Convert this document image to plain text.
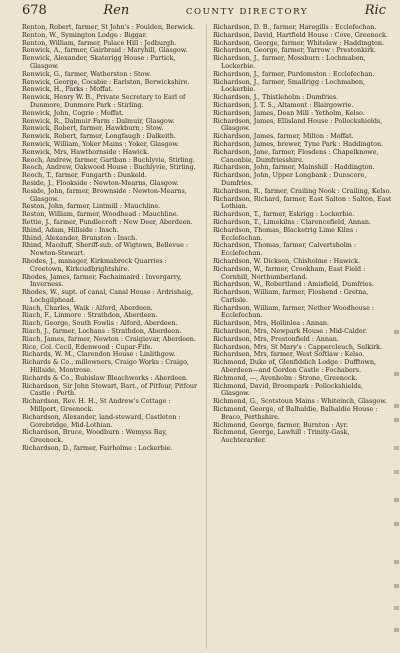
678	Ren	COUNTY DIRECTORY	Ric

Renton, Robert, farmer, St John's : Foulden, Berwick.

Renton, W., Symington Lodge : Biggar.

Renton, William, farmer, Palace Hill : Jedburgh.

Renwick, A., farmer, Gairbraid : Maryhill, Glasgow.

Renwick, Alexander, Skaterigg House : Partick, Glasgow.

Renwick, G., farmer, Watherston : Stow.

Renwick, George, Cocsbie : Earlston, Berwickshire.

Renwick, H., Parks : Moffat.

Renwick, Henry W. B., Private Secretary to Earl of Dunmore, Dunmore Park : Stirling.

Renwick, John, Cogrie : Moffat.

Renwick, R., Dalmuir Farm : Dalmuir, Glasgow.

Renwick, Robert, farmer, Hawkburn : Stow.

Renwick, Robert, farmer, Longfaugh : Dalkeith.

Renwick, William, Yoker Mains : Yoker, Glasgow.

Renwick, Mrs, Hawthornside : Hawick.

Reoch, Andrew, farmer, Gartban : Buchlyvie, Stirling.

Reoch, Andrew, Oakwood House : Buchlyvie, Stirling.

Reoch, T., farmer, Fungarth : Dunkeld.

Reside, J., Flookside : Newton-Mearns, Glasgow.

Reside, John, farmer, Brownside : Newton-Mearns, Glasgow.

Reston, John, farmer, Lintmill : Mauchline.

Reston, William, farmer, Woodhead : Mauchline.

Rettie, J., farmer, Pundlecroft : New Deer, Aberdeen.

Rhind, Adam, Hillside : Insch.

Rhind, Alexander, Brunston : Insch.

Rhind, Macduff, Sheriff-sub. of Wigtown, Bellevue : Newton-Stewart.

Rhodes, J., manager, Kirkmabreck Quarries : Creetown, Kirkcudbrightshire.

Rhodes, James, farmer, Fachaimaird : Invergarry, Inverness.

Rhodes, W., supt. of canal, Canal House : Ardrishaig, Lochgilphead.

Riach, Charles, Waik : Alford, Aberdeen.

Riach, F., Linmore : Strathdon, Aberdeen.

Riach, George, South Fowlis : Alford, Aberdeen.

Riach, J., farmer, Lochans : Strathdon, Aberdeen.

Riach, James, farmer, Newton : Craigievar, Aberdeen.

Rice, Col. Cecil, Edenwood : Cupar-Fife.

Richards, W. M., Clarendon House : Linlithgow.

Richards & Co., millowners, Craigo Works : Craigo, Hillside, Montrose.

Richards & Co., Rubislaw Bleachworks : Aberdeen.

Richardson, Sir John Stewart, Bart., of Pitfour, Pitfour Castle : Perth.

Richardson, Rev. H. H., St Andrew's Cottage : Millport, Greenock.

Richardson, Alexander, land-steward, Castleton : Gorebridge, Mid-Lothian.

Richardson, Bruce, Woodburn : Wemyss Bay, Greenock.

Richardson, D., farmer, Fairholme : Lockerbie.

Richardson, D. B., farmer, Haregills : Ecclefechan.

Richardson, David, Hartfield House : Cove, Greenock.

Richardson, George, farmer, Whitelaw : Haddington.

Richardson, George, farmer, Yarrow : Prestonkirk.

Richardson, J., farmer, Mossburn : Lochmaben, Lockerbie.

Richardson, J., farmer, Purdomston : Ecclefechan.

Richardson, J., farmer, Smallrigg : Lochmaben, Lockerbie.

Richardson, J., Thistleholm : Dumfries.

Richardson, J. T. S., Altamont : Blairgowrie.

Richardson, James, Dean Mill : Yetholm, Kelso.

Richardson, James, Ellisland House : Pollockshields, Glasgow.

Richardson, James, farmer, Milton : Moffat.

Richardson, James, brewer, Tyne Park : Haddington.

Richardson, Jane, farmer, Flosdens : Chapelknowe, Canonbie, Dumfriesshire.

Richardson, John, farmer, Mainshill : Haddington.

Richardson, John, Upper Longbank : Dunscore, Dumfries.

Richardson, R., farmer, Crailing Nook : Crailing, Kelso.

Richardson, Richard, farmer, East Salton : Salton, East Lothian.

Richardson, T., farmer, Eskrigg : Lockerbie.

Richardson, T., Limekilns : Clarencefield, Annan.

Richardson, Thomas, Blacketrig Lime Kilns : Ecclefechan.

Richardson, Thomas, farmer, Calvertsholm : Ecclefechan.

Richardson, W. Dickson, Chisholme : Hawick.

Richardson, W., farmer, Crookham, East Field : Cornhill, Northumberland.

Richardson, W., Robertland : Amisfield, Dumfries.

Richardson, William, farmer, Floshend : Gretna, Carlisle.

Richardson, William, farmer, Nether Woodhouse : Ecclefechan.

Richardson, Mrs, Hollinlea : Annan.

Richardson, Mrs, Newpark House : Mid-Calder.

Richardson, Mrs, Prestonfield : Annan.

Richardson, Mrs, St Mary's : Cappercleuch, Selkirk.

Richardson, Mrs, farmer, West Softlaw : Kelso.

Richmond, Duke of, Glenfiddich Lodge : Dufftown, Aberdeen—and Gordon Castle : Fochabers.

Richmond, —, Avenholm : Strone, Greenock.

Richmond, David, Broompark : Pollockshields, Glasgow.

Richmond, G., Scotstoun Mains : Whiteinch, Glasgow.

Richmond, George, of Balhaldie, Balhaldie House : Braco, Perthshire.

Richmond, George, farmer, Burnton : Ayr.

Richmond, George, Lawhill : Trinity-Gask, Auchterarder.
